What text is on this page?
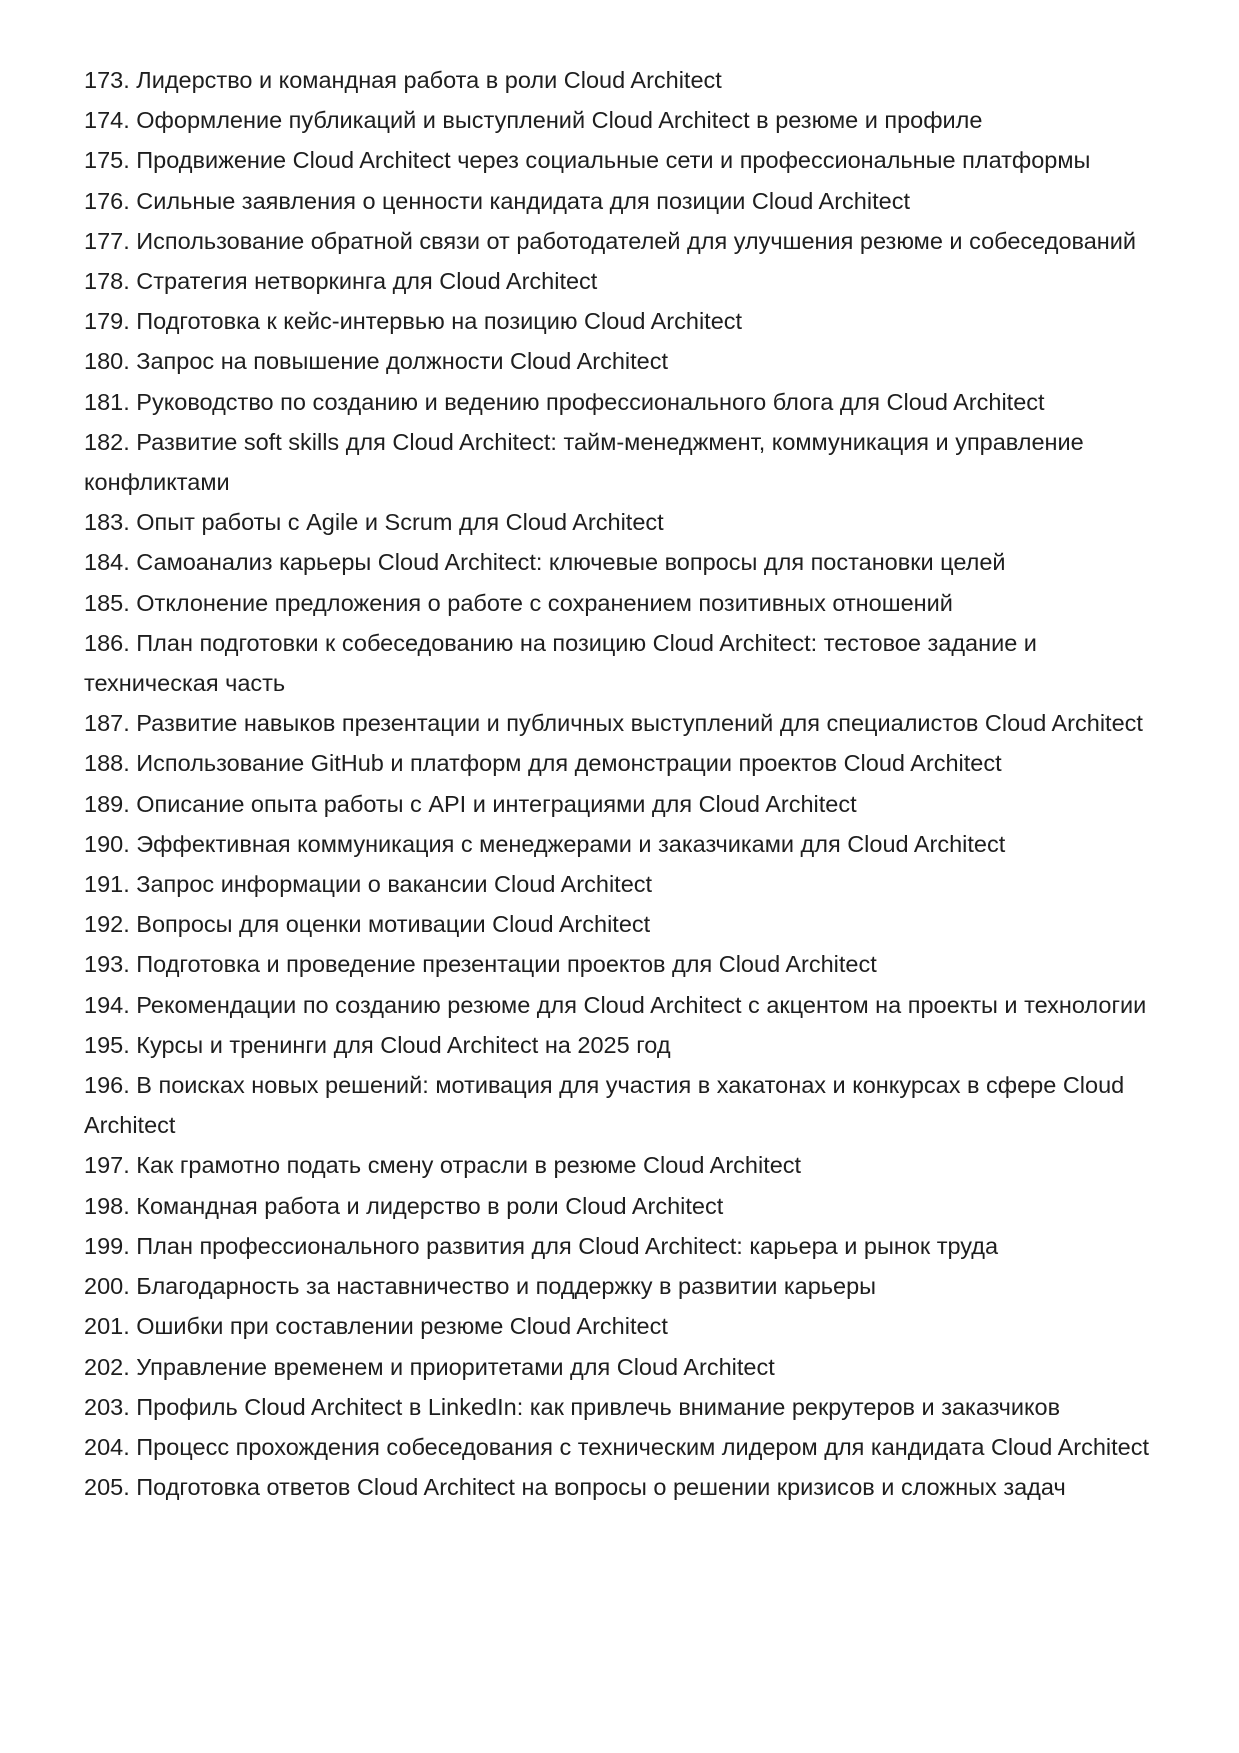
173. Лидерство и командная работа в роли Cloud Architect
174. Оформление публикаций и выступлений Cloud Architect в резюме и профиле
175. Продвижение Cloud Architect через социальные сети и профессиональные платформы
176. Сильные заявления о ценности кандидата для позиции Cloud Architect
177. Использование обратной связи от работодателей для улучшения резюме и собеседований
178. Стратегия нетворкинга для Cloud Architect
179. Подготовка к кейс-интервью на позицию Cloud Architect
180. Запрос на повышение должности Cloud Architect
181. Руководство по созданию и ведению профессионального блога для Cloud Architect
182. Развитие soft skills для Cloud Architect: тайм-менеджмент, коммуникация и управление конфликтами
183. Опыт работы с Agile и Scrum для Cloud Architect
184. Самоанализ карьеры Cloud Architect: ключевые вопросы для постановки целей
185. Отклонение предложения о работе с сохранением позитивных отношений
186. План подготовки к собеседованию на позицию Cloud Architect: тестовое задание и техническая часть
187. Развитие навыков презентации и публичных выступлений для специалистов Cloud Architect
188. Использование GitHub и платформ для демонстрации проектов Cloud Architect
189. Описание опыта работы с API и интеграциями для Cloud Architect
190. Эффективная коммуникация с менеджерами и заказчиками для Cloud Architect
191. Запрос информации о вакансии Cloud Architect
192. Вопросы для оценки мотивации Cloud Architect
193. Подготовка и проведение презентации проектов для Cloud Architect
194. Рекомендации по созданию резюме для Cloud Architect с акцентом на проекты и технологии
195. Курсы и тренинги для Cloud Architect на 2025 год
196. В поисках новых решений: мотивация для участия в хакатонах и конкурсах в сфере Cloud Architect
197. Как грамотно подать смену отрасли в резюме Cloud Architect
198. Командная работа и лидерство в роли Cloud Architect
199. План профессионального развития для Cloud Architect: карьера и рынок труда
200. Благодарность за наставничество и поддержку в развитии карьеры
201. Ошибки при составлении резюме Cloud Architect
202. Управление временем и приоритетами для Cloud Architect
203. Профиль Cloud Architect в LinkedIn: как привлечь внимание рекрутеров и заказчиков
204. Процесс прохождения собеседования с техническим лидером для кандидата Cloud Architect
205. Подготовка ответов Cloud Architect на вопросы о решении кризисов и сложных задач
